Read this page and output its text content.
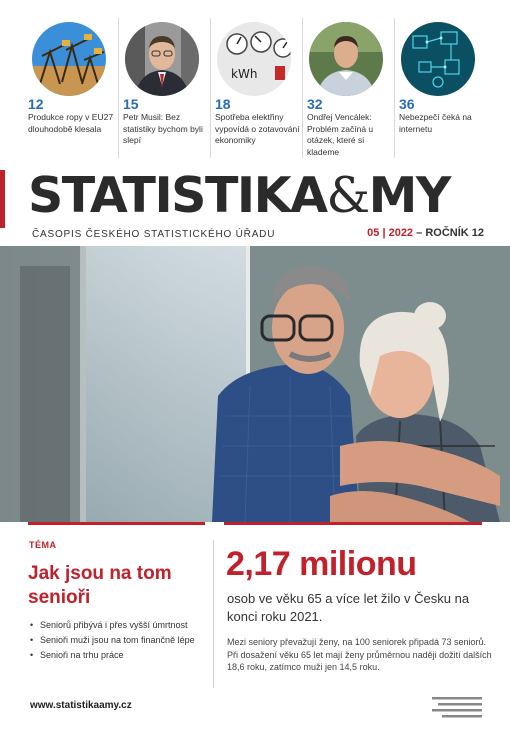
12
Produkce ropy v EU27 dlouhodobě klesala
15
Petr Musil: Bez statistiky bychom byli slepí
kWh
18
Spotřeba elektřiny vypovídá o zotavování ekonomiky
32
Ondřej Vencálek: Problém začíná u otázek, které si klademe
36
Nebezpečí čeká na internetu
STATISTIKA&MY
ČASOPIS ČESKÉHO STATISTICKÉHO ÚŘADU	05 | 2022 – ROČNÍK 12
TÉMA
Jak jsou na tom senioři
• Seniorů přibývá i přes vyšší úmrtnost
• Senioři muži jsou na tom finančně lépe
• Senioři na trhu práce
2,17 milionu
osob ve věku 65 a více let žilo v Česku na konci roku 2021.
Mezi seniory převažují ženy, na 100 seniorek připadá 73 seniorů. Při dosažení věku 65 let mají ženy průměrnou naději dožití dalších 18,6 roku, zatímco muži jen 14,5 roku.
www.statistikaamy.cz
